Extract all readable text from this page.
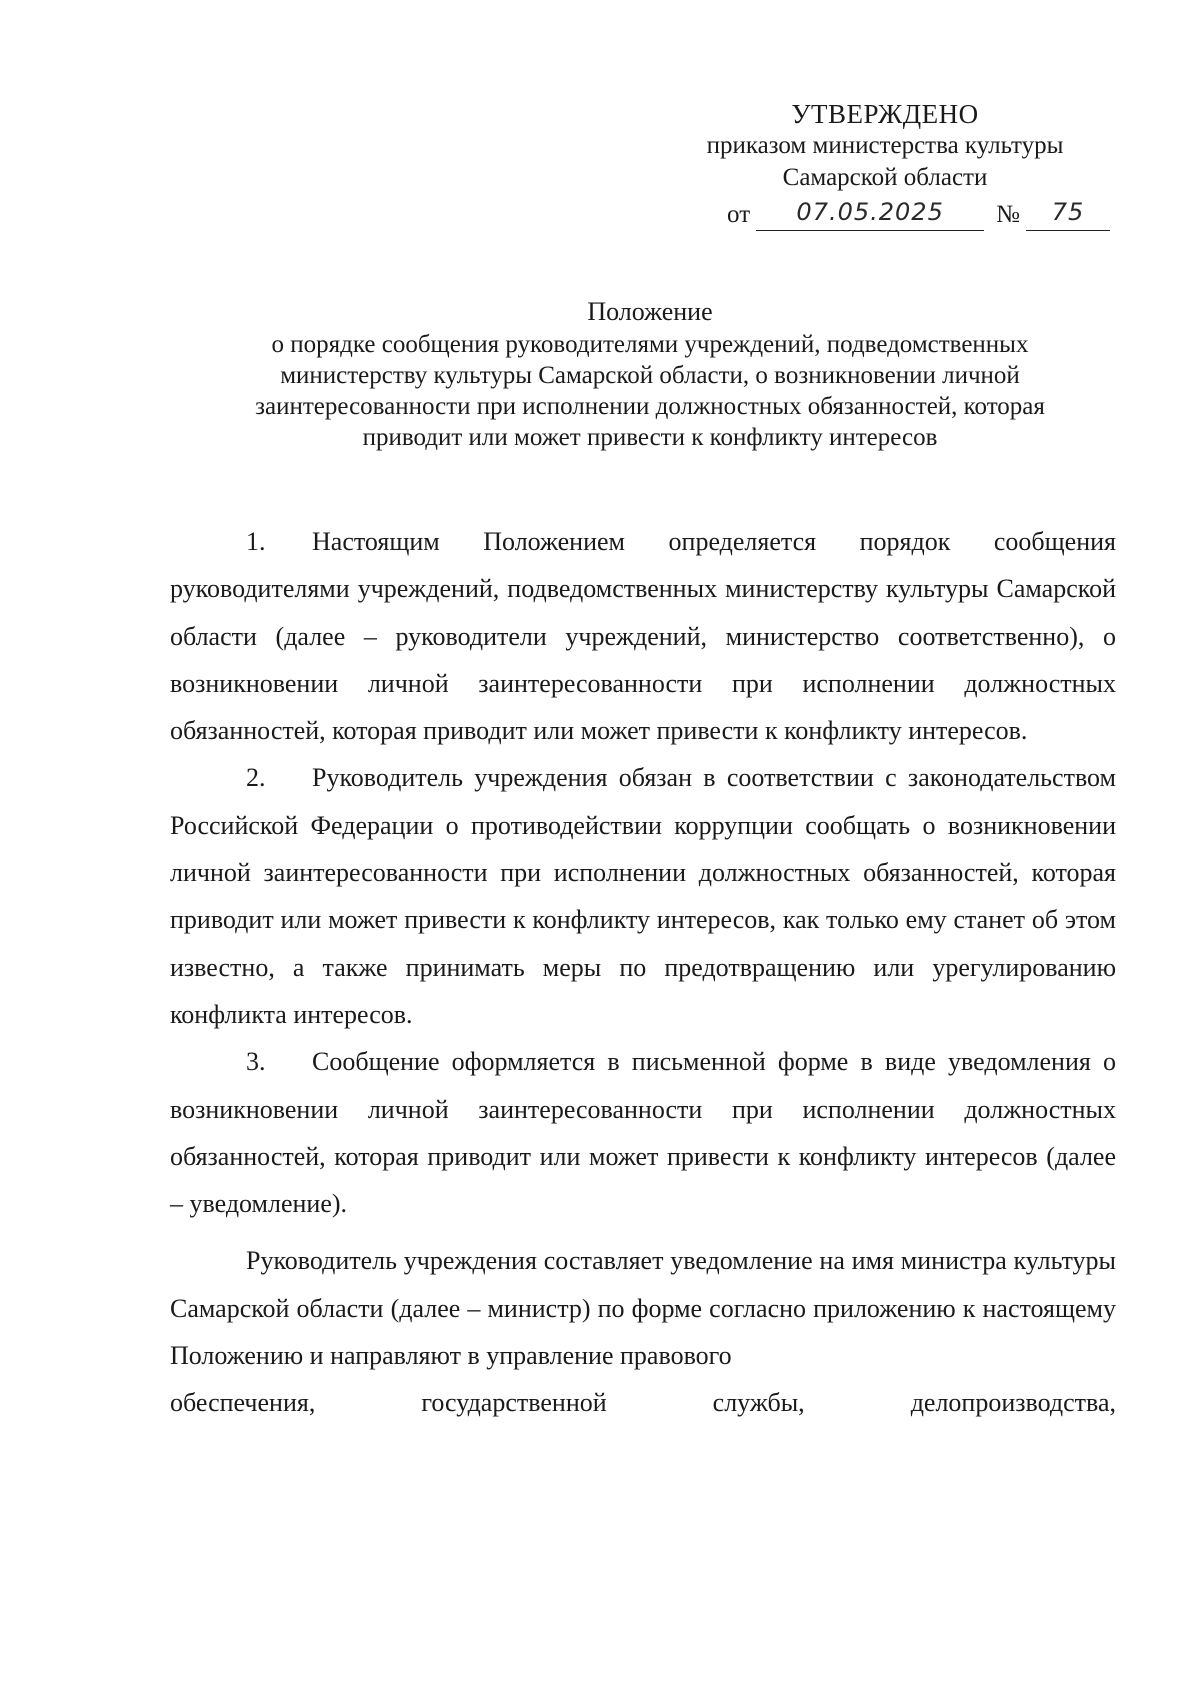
УТВЕРЖДЕНО
приказом министерства культуры
Самарской области
от	07.05.2025	№	75
Положение
о порядке сообщения руководителями учреждений, подведомственных
министерству культуры Самарской области, о возникновении личной
заинтересованности при исполнении должностных обязанностей, которая
приводит или может привести к конфликту интересов

1. Настоящим Положением определяется порядок сообщения руководителями учреждений, подведомственных министерству культуры Самарской области (далее – руководители учреждений, министерство соответственно), о возникновении личной заинтересованности при исполнении должностных обязанностей, которая приводит или может привести к конфликту интересов.

2. Руководитель учреждения обязан в соответствии с законодательством Российской Федерации о противодействии коррупции сообщать о возникновении личной заинтересованности при исполнении должностных обязанностей, которая приводит или может привести к конфликту интересов, как только ему станет об этом известно, а также принимать меры по предотвращению или урегулированию конфликта интересов.

3. Сообщение оформляется в письменной форме в виде уведомления о возникновении личной заинтересованности при исполнении должностных обязанностей, которая приводит или может привести к конфликту интересов (далее – уведомление).

Руководитель учреждения составляет уведомление на имя министра культуры Самарской области (далее – министр) по форме согласно приложению к настоящему Положению и направляют в управление правового

обеспечения,	государственной	службы,	делопроизводства,
